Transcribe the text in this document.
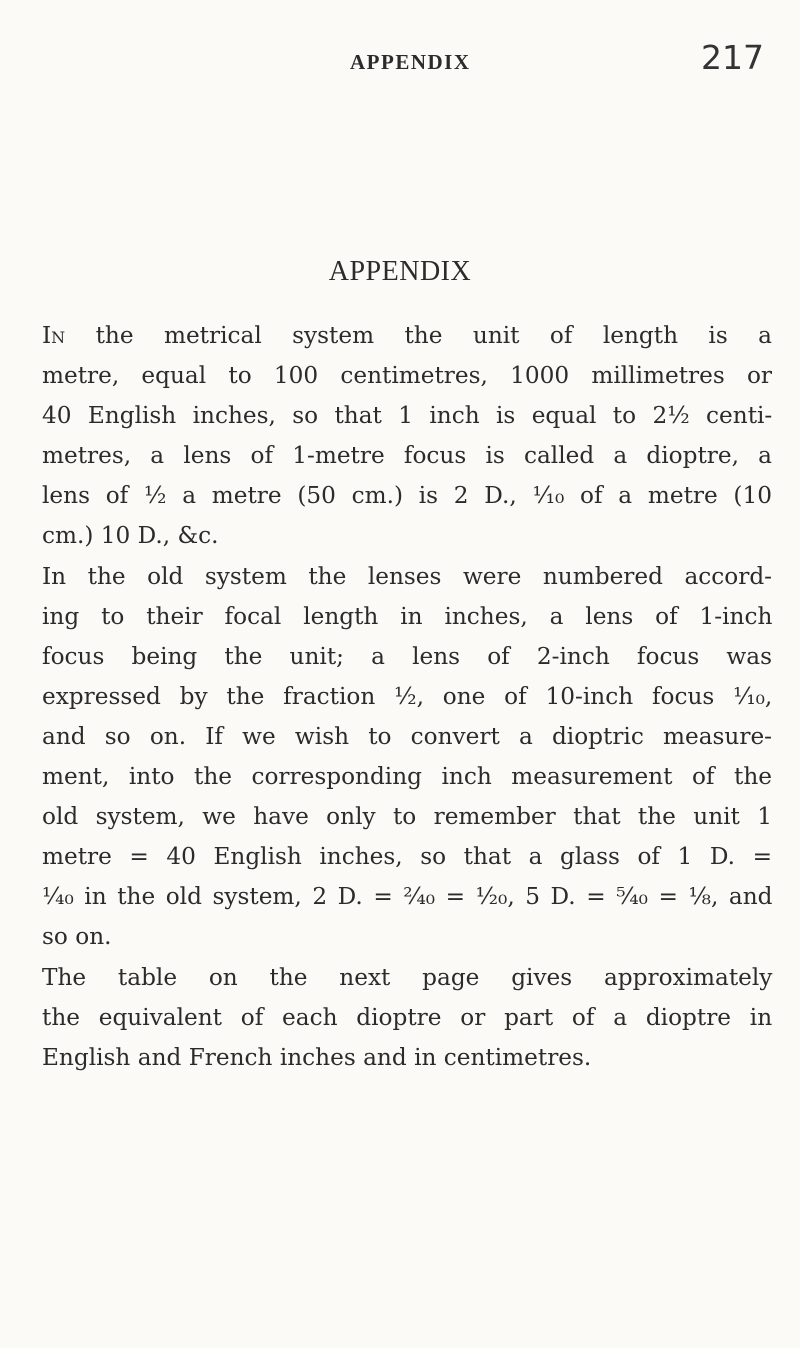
APPENDIX	217
APPENDIX
In the metrical system the unit of length is a
metre, equal to 100 centimetres, 1000 millimetres or
40 English inches, so that 1 inch is equal to 2½ centi-
metres, a lens of 1-metre focus is called a dioptre, a
lens of ½ a metre (50 cm.) is 2 D., ¹⁄₁₀ of a metre (10
cm.) 10 D., &c.
In the old system the lenses were numbered accord-
ing to their focal length in inches, a lens of 1-inch
focus being the unit; a lens of 2-inch focus was
expressed by the fraction ½, one of 10-inch focus ¹⁄₁₀,
and so on. If we wish to convert a dioptric measure-
ment, into the corresponding inch measurement of the
old system, we have only to remember that the unit 1
metre = 40 English inches, so that a glass of 1 D. =
¹⁄₄₀ in the old system, 2 D. = ²⁄₄₀ = ¹⁄₂₀, 5 D. = ⁵⁄₄₀ = ⅛, and
so on.
The table on the next page gives approximately
the equivalent of each dioptre or part of a dioptre in
English and French inches and in centimetres.
